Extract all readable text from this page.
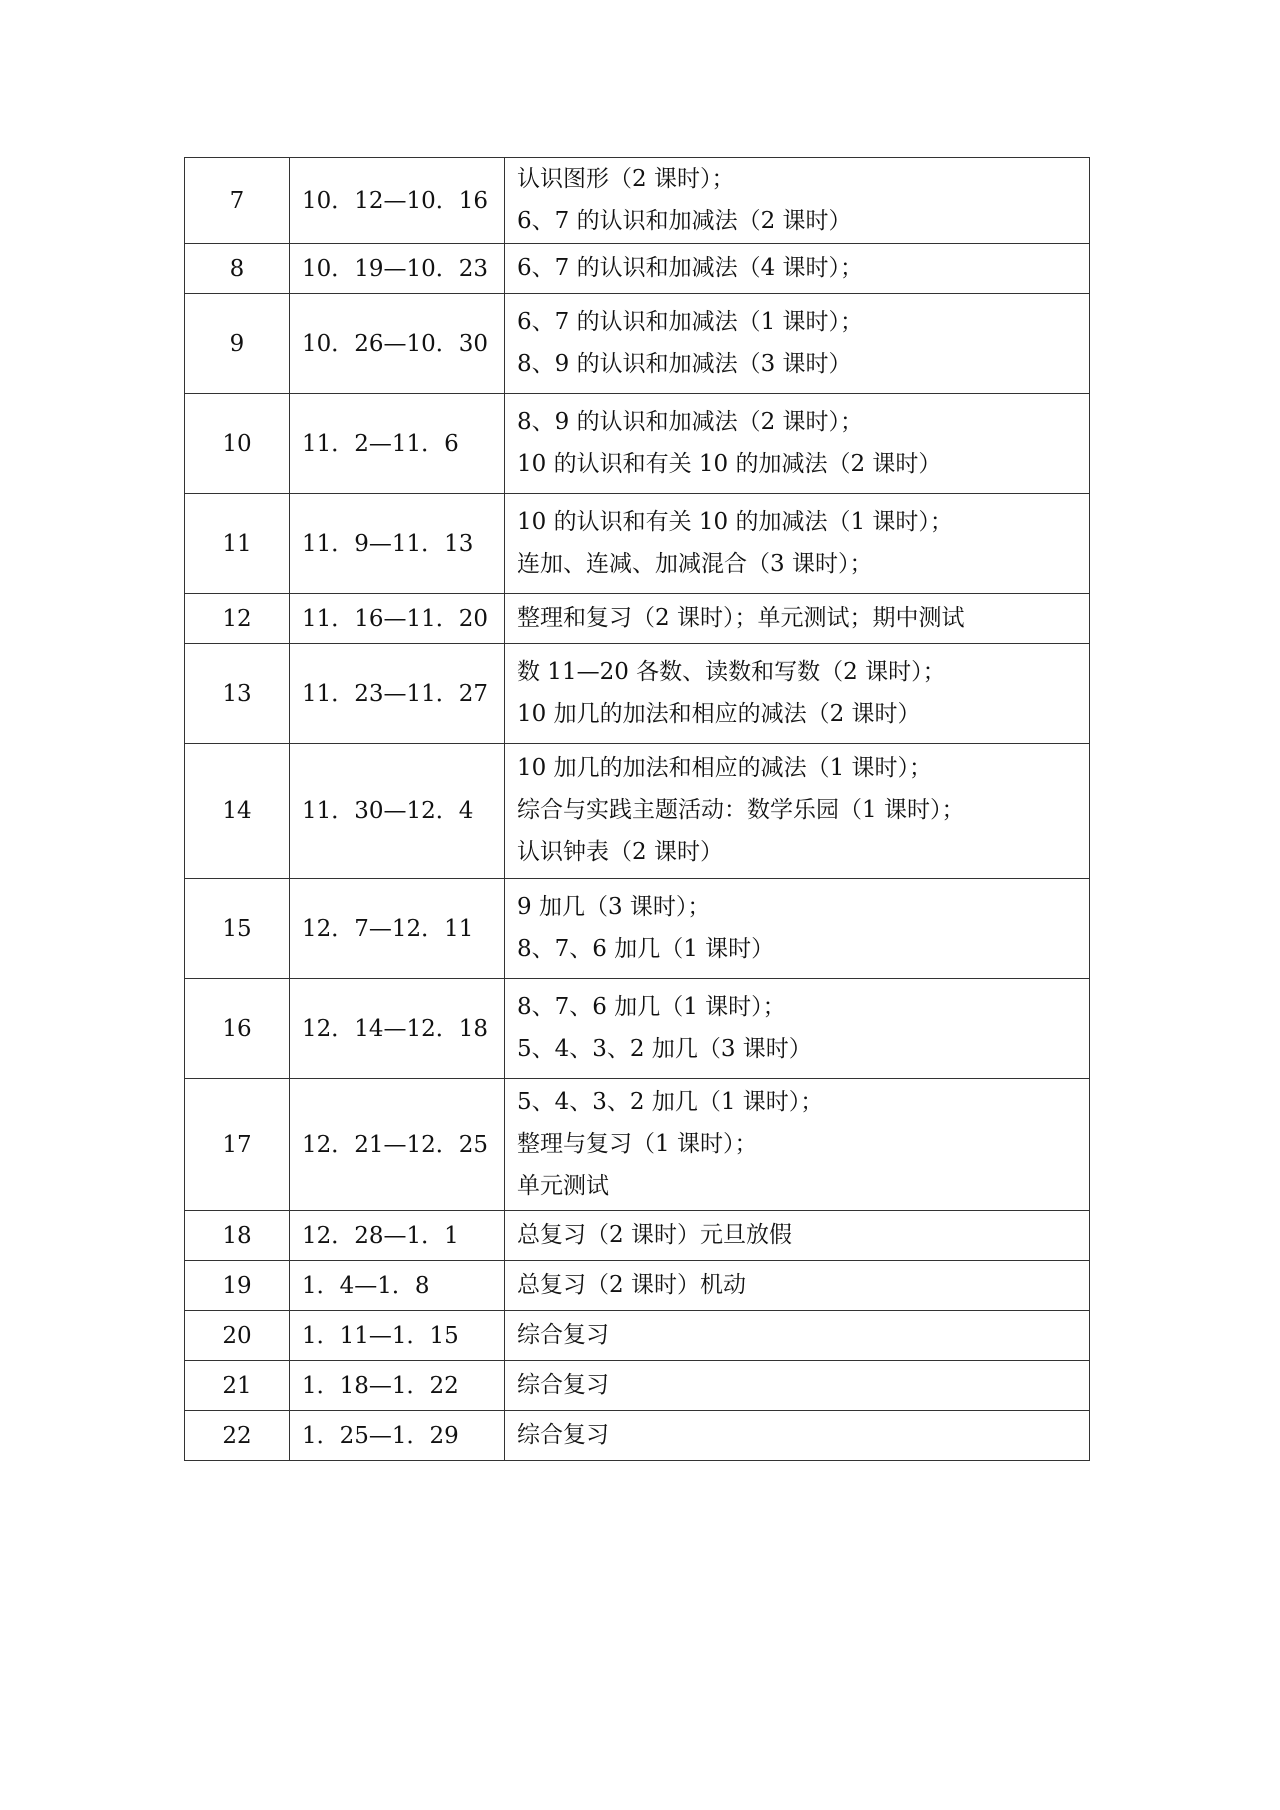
7	10．12—10．16	认识图形（2 课时）；
6、7 的认识和加减法（2 课时）

8	10．19—10．23	6、7 的认识和加减法（4 课时）；

9	10．26—10．30	6、7 的认识和加减法（1 课时）；
8、9 的认识和加减法（3 课时）

10	11．2—11．6	8、9 的认识和加减法（2 课时）；
10 的认识和有关 10 的加减法（2 课时）

11	11．9—11．13	10 的认识和有关 10 的加减法（1 课时）；
连加、连减、加减混合（3 课时）；

12	11．16—11．20	整理和复习（2 课时）；单元测试；期中测试

13	11．23—11．27	数 11—20 各数、读数和写数（2 课时）；
10 加几的加法和相应的减法（2 课时）

14	11．30—12．4	10 加几的加法和相应的减法（1 课时）；
综合与实践主题活动：数学乐园（1 课时）；
认识钟表（2 课时）

15	12．7—12．11	9 加几（3 课时）；
8、7、6 加几（1 课时）

16	12．14—12．18	8、7、6 加几（1 课时）；
5、4、3、2 加几（3 课时）

17	12．21—12．25	5、4、3、2 加几（1 课时）；
整理与复习（1 课时）；
单元测试

18	12．28—1．1	总复习（2 课时）元旦放假

19	1．4—1．8	总复习（2 课时）机动

20	1．11—1．15	综合复习

21	1．18—1．22	综合复习

22	1．25—1．29	综合复习
